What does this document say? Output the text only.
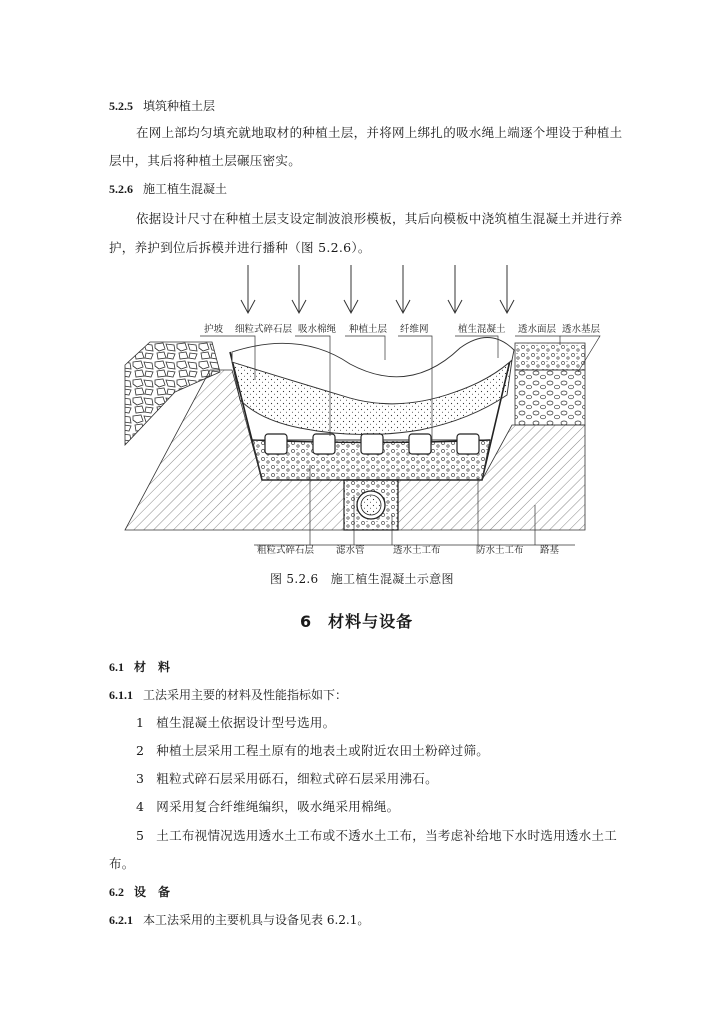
5.2.5 填筑种植土层
在网上部均匀填充就地取材的种植土层，并将网上绑扎的吸水绳上端逐个埋设于种植土
层中，其后将种植土层碾压密实。
5.2.6 施工植生混凝土
依据设计尺寸在种植土层支设定制波浪形模板，其后向模板中浇筑植生混凝土并进行养
护，养护到位后拆模并进行播种（图 5.2.6）。
护坡 细粒式碎石层 吸水棉绳 种植土层 纤维网	植生混凝土 透水面层 透水基层
粗粒式碎石层 滤水管	透水土工布	防水土工布 路基
图 5.2.6　施工植生混凝土示意图
6 材料与设备
6.1 材　料
6.1.1 工法采用主要的材料及性能指标如下：
1 植生混凝土依据设计型号选用。
2 种植土层采用工程土原有的地表土或附近农田土粉碎过筛。
3 粗粒式碎石层采用砾石，细粒式碎石层采用沸石。
4 网采用复合纤维绳编织，吸水绳采用棉绳。
5 土工布视情况选用透水土工布或不透水土工布，当考虑补给地下水时选用透水土工
布。
6.2 设　备
6.2.1 本工法采用的主要机具与设备见表 6.2.1。
